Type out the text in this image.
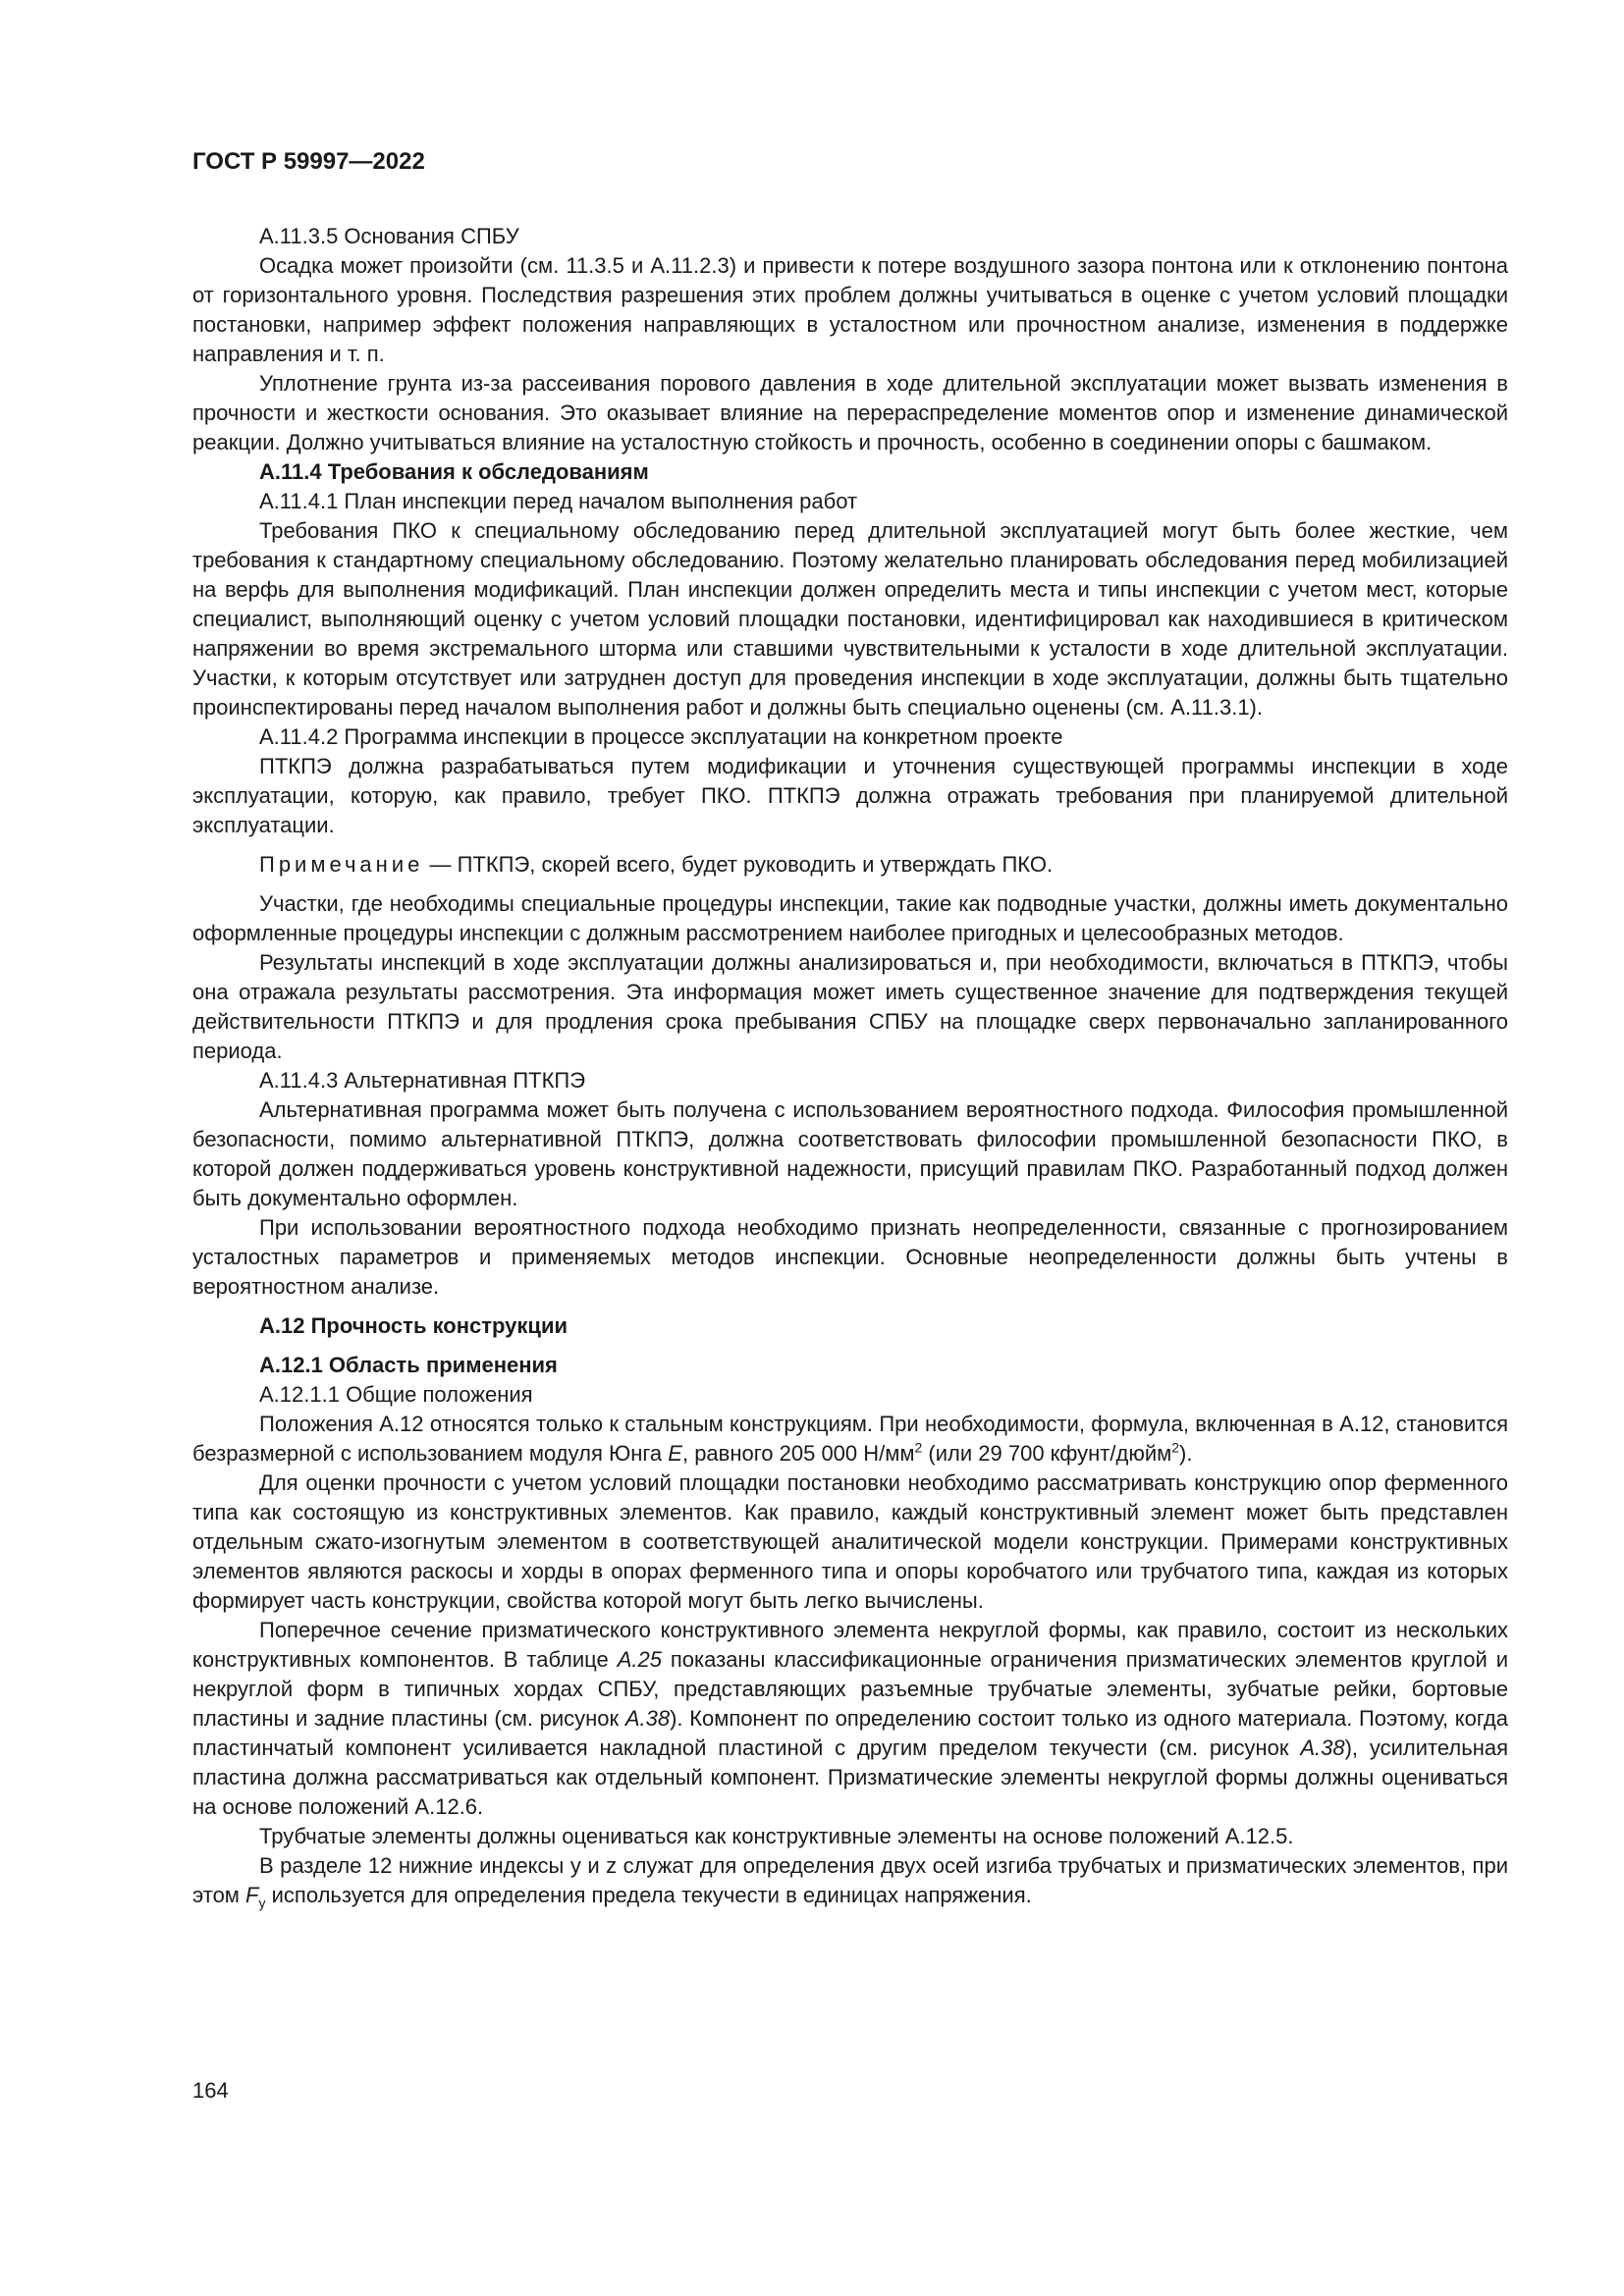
ГОСТ Р 59997—2022

А.11.3.5 Основания СПБУ

Осадка может произойти (см. 11.3.5 и А.11.2.3) и привести к потере воздушного зазора понтона или к отклонению понтона от горизонтального уровня. Последствия разрешения этих проблем должны учитываться в оценке с учетом условий площадки постановки, например эффект положения направляющих в усталостном или прочностном анализе, изменения в поддержке направления и т. п.

Уплотнение грунта из-за рассеивания порового давления в ходе длительной эксплуатации может вызвать изменения в прочности и жесткости основания. Это оказывает влияние на перераспределение моментов опор и изменение динамической реакции. Должно учитываться влияние на усталостную стойкость и прочность, особенно в соединении опоры с башмаком.

А.11.4 Требования к обследованиям

А.11.4.1 План инспекции перед началом выполнения работ

Требования ПКО к специальному обследованию перед длительной эксплуатацией могут быть более жесткие, чем требования к стандартному специальному обследованию. Поэтому желательно планировать обследования перед мобилизацией на верфь для выполнения модификаций. План инспекции должен определить места и типы инспекции с учетом мест, которые специалист, выполняющий оценку с учетом условий площадки постановки, идентифицировал как находившиеся в критическом напряжении во время экстремального шторма или ставшими чувствительными к усталости в ходе длительной эксплуатации. Участки, к которым отсутствует или затруднен доступ для проведения инспекции в ходе эксплуатации, должны быть тщательно проинспектированы перед началом выполнения работ и должны быть специально оценены (см. А.11.3.1).

А.11.4.2 Программа инспекции в процессе эксплуатации на конкретном проекте

ПТКПЭ должна разрабатываться путем модификации и уточнения существующей программы инспекции в ходе эксплуатации, которую, как правило, требует ПКО. ПТКПЭ должна отражать требования при планируемой длительной эксплуатации.

Примечание — ПТКПЭ, скорей всего, будет руководить и утверждать ПКО.

Участки, где необходимы специальные процедуры инспекции, такие как подводные участки, должны иметь документально оформленные процедуры инспекции с должным рассмотрением наиболее пригодных и целесообразных методов.

Результаты инспекций в ходе эксплуатации должны анализироваться и, при необходимости, включаться в ПТКПЭ, чтобы она отражала результаты рассмотрения. Эта информация может иметь существенное значение для подтверждения текущей действительности ПТКПЭ и для продления срока пребывания СПБУ на площадке сверх первоначально запланированного периода.

А.11.4.3 Альтернативная ПТКПЭ

Альтернативная программа может быть получена с использованием вероятностного подхода. Философия промышленной безопасности, помимо альтернативной ПТКПЭ, должна соответствовать философии промышленной безопасности ПКО, в которой должен поддерживаться уровень конструктивной надежности, присущий правилам ПКО. Разработанный подход должен быть документально оформлен.

При использовании вероятностного подхода необходимо признать неопределенности, связанные с прогнозированием усталостных параметров и применяемых методов инспекции. Основные неопределенности должны быть учтены в вероятностном анализе.

А.12 Прочность конструкции

А.12.1 Область применения

А.12.1.1 Общие положения

Положения А.12 относятся только к стальным конструкциям. При необходимости, формула, включенная в А.12, становится безразмерной с использованием модуля Юнга E, равного 205 000 $Н/мм^2$ (или 29 700 кфунт/дюйм$^2$).

Для оценки прочности с учетом условий площадки постановки необходимо рассматривать конструкцию опор ферменного типа как состоящую из конструктивных элементов. Как правило, каждый конструктивный элемент может быть представлен отдельным сжато-изогнутым элементом в соответствующей аналитической модели конструкции. Примерами конструктивных элементов являются раскосы и хорды в опорах ферменного типа и опоры коробчатого или трубчатого типа, каждая из которых формирует часть конструкции, свойства которой могут быть легко вычислены.

Поперечное сечение призматического конструктивного элемента некруглой формы, как правило, состоит из нескольких конструктивных компонентов. В таблице А.25 показаны классификационные ограничения призматических элементов круглой и некруглой форм в типичных хордах СПБУ, представляющих разъемные трубчатые элементы, зубчатые рейки, бортовые пластины и задние пластины (см. рисунок А.38). Компонент по определению состоит только из одного материала. Поэтому, когда пластинчатый компонент усиливается накладной пластиной с другим пределом текучести (см. рисунок А.38), усилительная пластина должна рассматриваться как отдельный компонент. Призматические элементы некруглой формы должны оцениваться на основе положений А.12.6.

Трубчатые элементы должны оцениваться как конструктивные элементы на основе положений А.12.5.

В разделе 12 нижние индексы y и z служат для определения двух осей изгиба трубчатых и призматических элементов, при этом $F_y$ используется для определения предела текучести в единицах напряжения.

164
